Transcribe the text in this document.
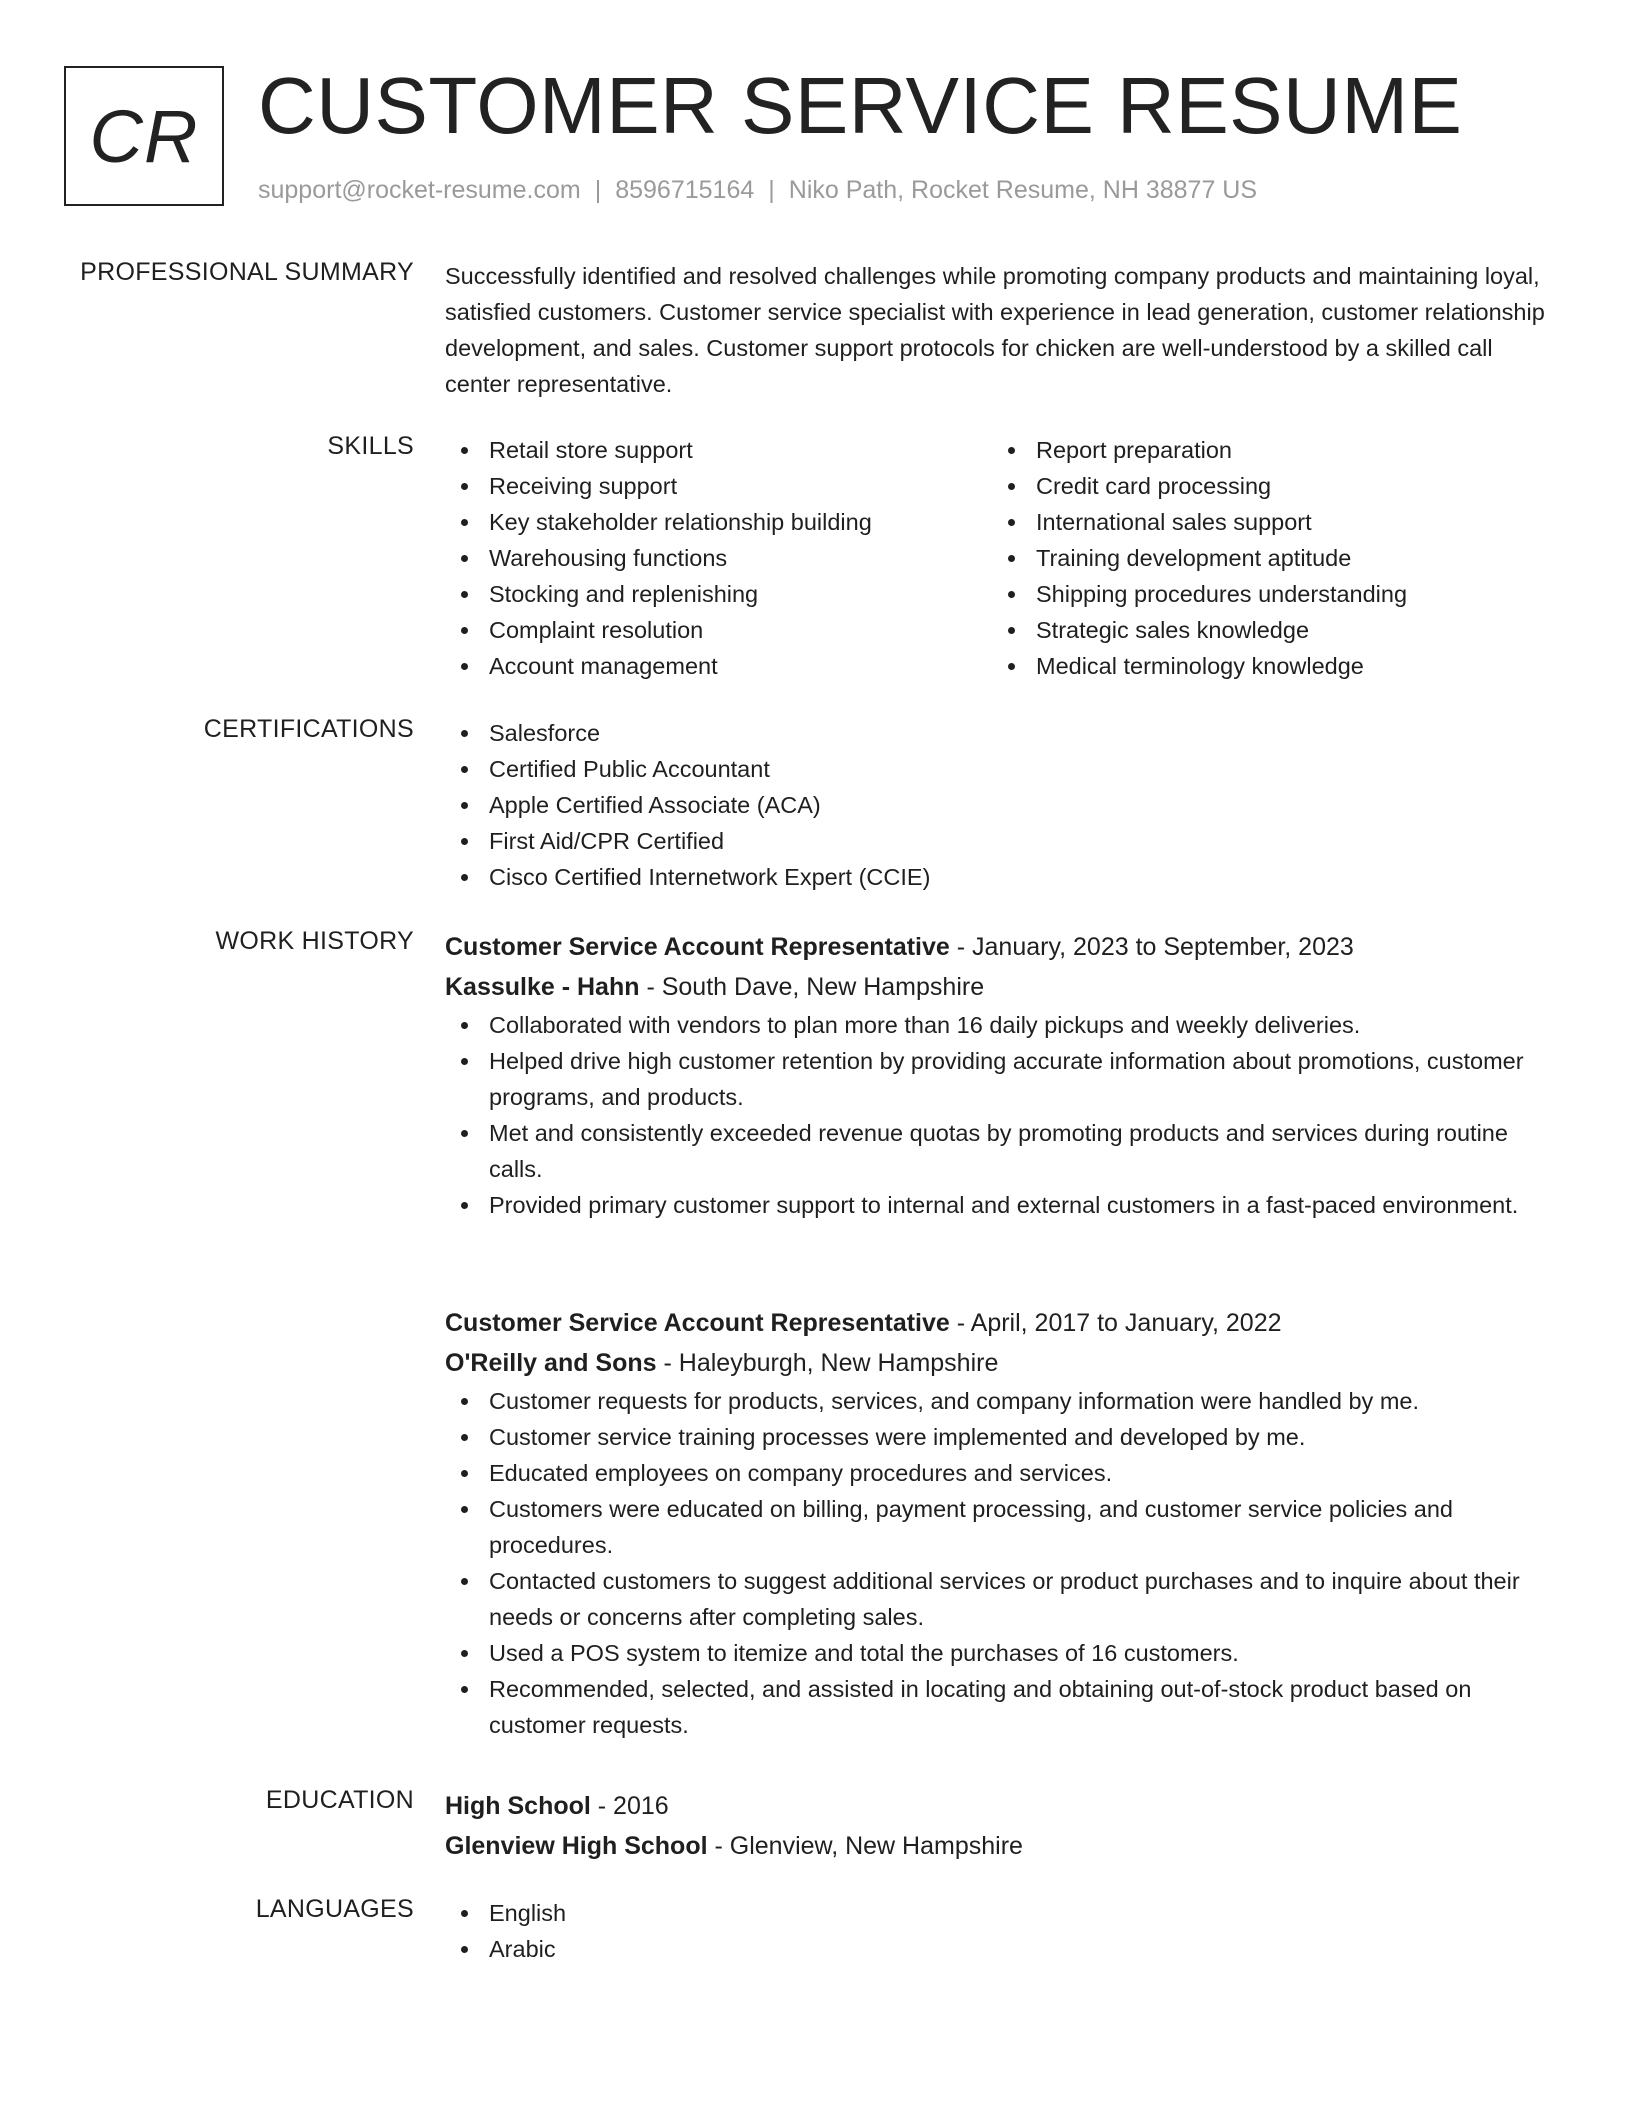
CR CUSTOMER SERVICE RESUME
support@rocket-resume.com | 8596715164 | Niko Path, Rocket Resume, NH 38877 US
PROFESSIONAL SUMMARY Successfully identified and resolved challenges while promoting company products and maintaining loyal, satisfied customers. Customer service specialist with experience in lead generation, customer relationship development, and sales. Customer support protocols for chicken are well-understood by a skilled call center representative.

SKILLS	Retail store support
Receiving support
Key stakeholder relationship building
Warehousing functions
Stocking and replenishing
Complaint resolution
Account management
Report preparation
Credit card processing
International sales support
Training development aptitude
Shipping procedures understanding
Strategic sales knowledge
Medical terminology knowledge
CERTIFICATIONS	Salesforce
Certified Public Accountant
Apple Certified Associate (ACA)
First Aid/CPR Certified
Cisco Certified Internetwork Expert (CCIE)
WORK HISTORY Customer Service Account Representative - January, 2023 to September, 2023
Kassulke - Hahn - South Dave, New Hampshire
Collaborated with vendors to plan more than 16 daily pickups and weekly deliveries.
Helped drive high customer retention by providing accurate information about promotions, customer programs, and products.
Met and consistently exceeded revenue quotas by promoting products and services during routine calls.
Provided primary customer support to internal and external customers in a fast-paced environment.
Customer Service Account Representative - April, 2017 to January, 2022
O'Reilly and Sons - Haleyburgh, New Hampshire
Customer requests for products, services, and company information were handled by me.
Customer service training processes were implemented and developed by me.
Educated employees on company procedures and services.
Customers were educated on billing, payment processing, and customer service policies and procedures.
Contacted customers to suggest additional services or product purchases and to inquire about their needs or concerns after completing sales.
Used a POS system to itemize and total the purchases of 16 customers.
Recommended, selected, and assisted in locating and obtaining out-of-stock product based on customer requests.
EDUCATION High School - 2016
Glenview High School - Glenview, New Hampshire
LANGUAGES	English
Arabic
